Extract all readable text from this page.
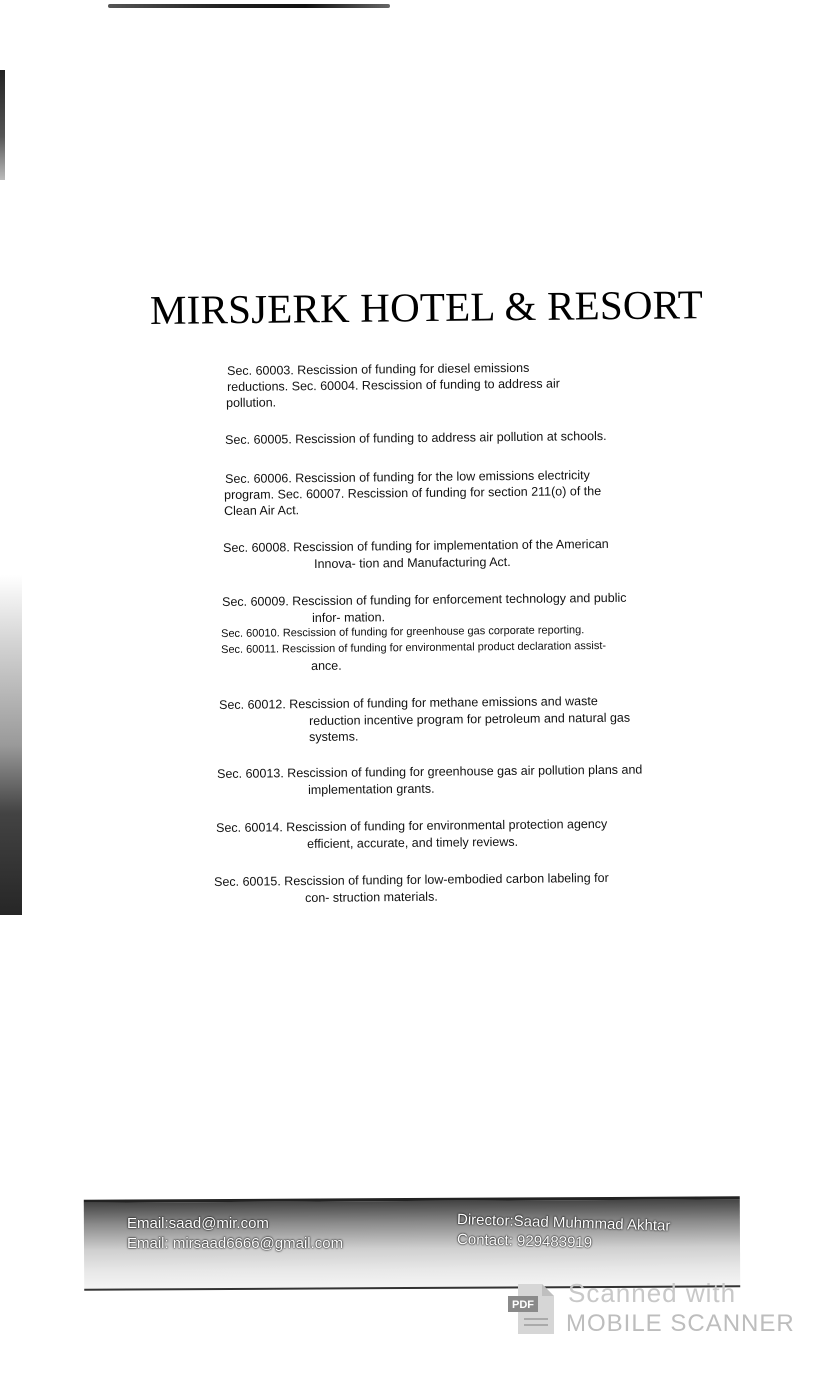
MIRSJERK HOTEL & RESORT
Sec. 60003. Rescission of funding for diesel emissions
reductions. Sec. 60004. Rescission of funding to address air
pollution.
Sec. 60005. Rescission of funding to address air pollution at schools.
Sec. 60006. Rescission of funding for the low emissions electricity
program. Sec. 60007. Rescission of funding for section 211(o) of the
Clean Air Act.
Sec. 60008. Rescission of funding for implementation of the American
Innova- tion and Manufacturing Act.
Sec. 60009. Rescission of funding for enforcement technology and public
infor- mation.
Sec. 60010. Rescission of funding for greenhouse gas corporate reporting.
Sec. 60011. Rescission of funding for environmental product declaration assist-
ance.
Sec. 60012. Rescission of funding for methane emissions and waste
reduction incentive program for petroleum and natural gas
systems.
Sec. 60013. Rescission of funding for greenhouse gas air pollution plans and
implementation grants.
Sec. 60014. Rescission of funding for environmental protection agency
efficient, accurate, and timely reviews.
Sec. 60015. Rescission of funding for low-embodied carbon labeling for
con- struction materials.
Email:saad@mir.com
Email: mirsaad6666@gmail.com
Director:Saad Muhmmad Akhtar
Contact: 929483919
PDF Scanned with
MOBILE SCANNER
